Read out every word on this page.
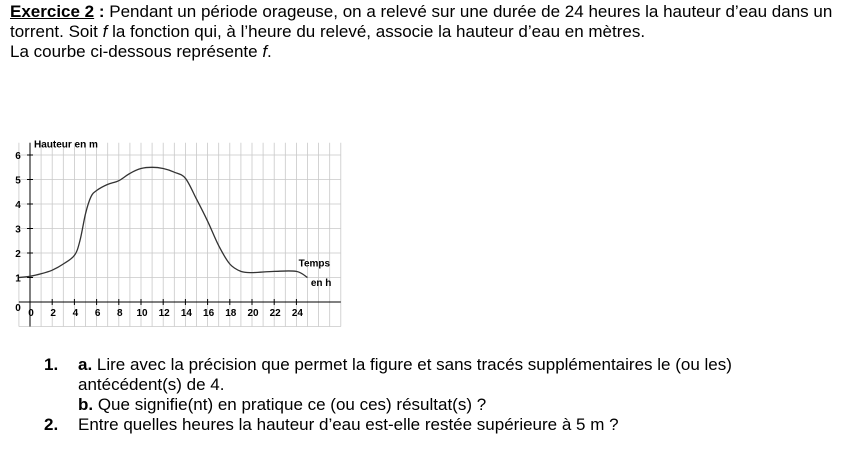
Exercice 2 : Pendant un période orageuse, on a relevé sur une durée de 24 heures la hauteur d’eau dans un torrent. Soit f la fonction qui, à l’heure du relevé, associe la hauteur d’eau en mètres.

La courbe ci-dessous représente f.

0 2 4 6 8 10 12 14 16 18 20 22 24
0
1
2
3
4
5
6
Hauteur en m
Temps
en h
1. a. Lire avec la précision que permet la figure et sans tracés supplémentaires le (ou les) antécédent(s) de 4.
b. Que signifie(nt) en pratique ce (ou ces) résultat(s) ?
2. Entre quelles heures la hauteur d’eau est-elle restée supérieure à 5 m ?
